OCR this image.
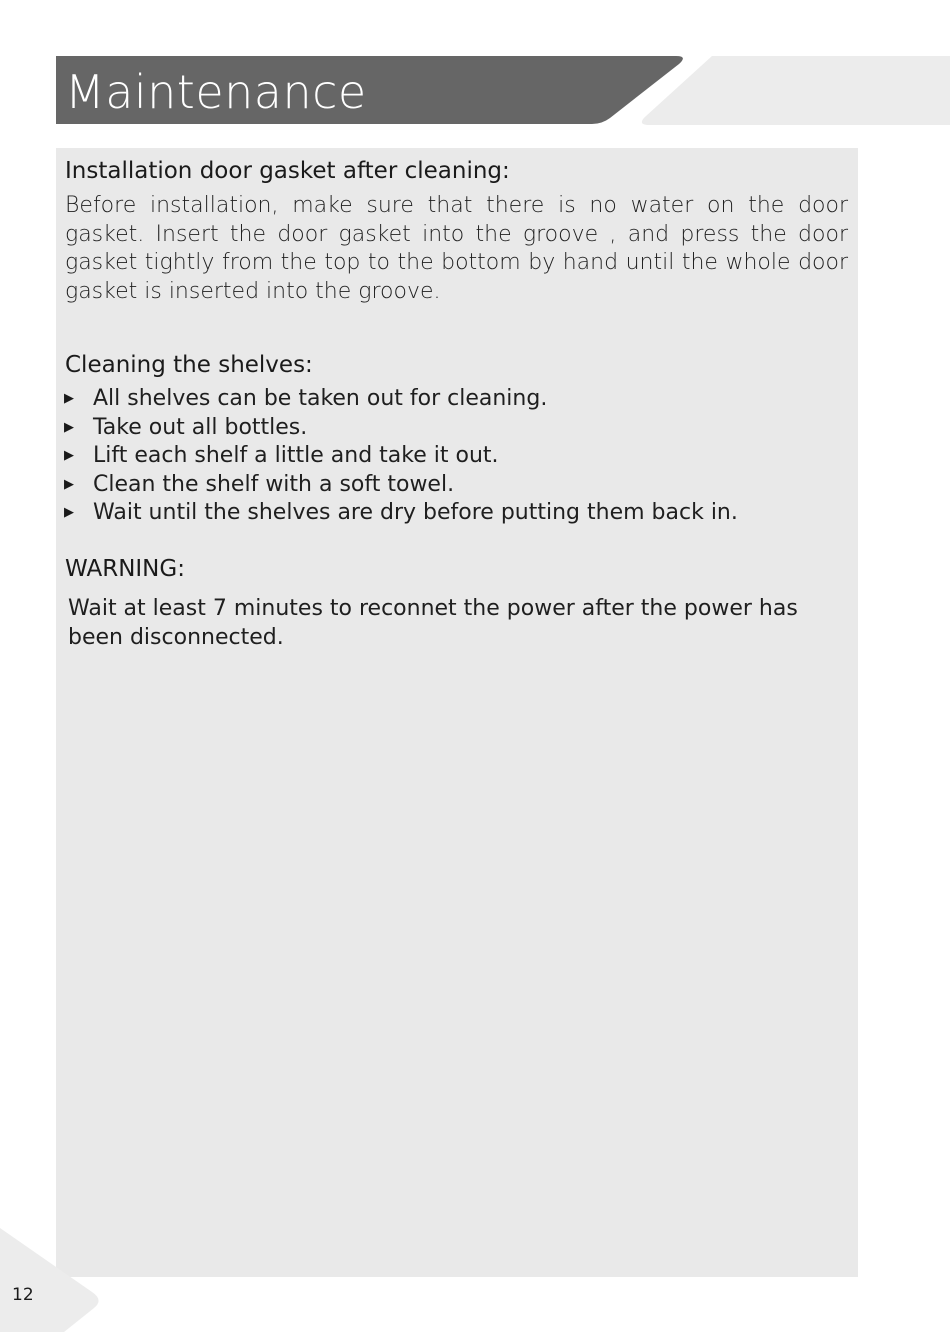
Maintenance
Installation door gasket after cleaning:

Before installation, make sure that there is no water on the door gasket. Insert the door gasket into the groove , and press the door gasket tightly from the top to the bottom by hand until the whole door gasket is inserted into the groove.

Cleaning the shelves:
▶ All shelves can be taken out for cleaning.
▶ Take out all bottles.
▶ Lift each shelf a little and take it out.
▶ Clean the shelf with a soft towel.
▶ Wait until the shelves are dry before putting them back in.
WARNING:

Wait at least 7 minutes to reconnet the power after the power has been disconnected.

12
